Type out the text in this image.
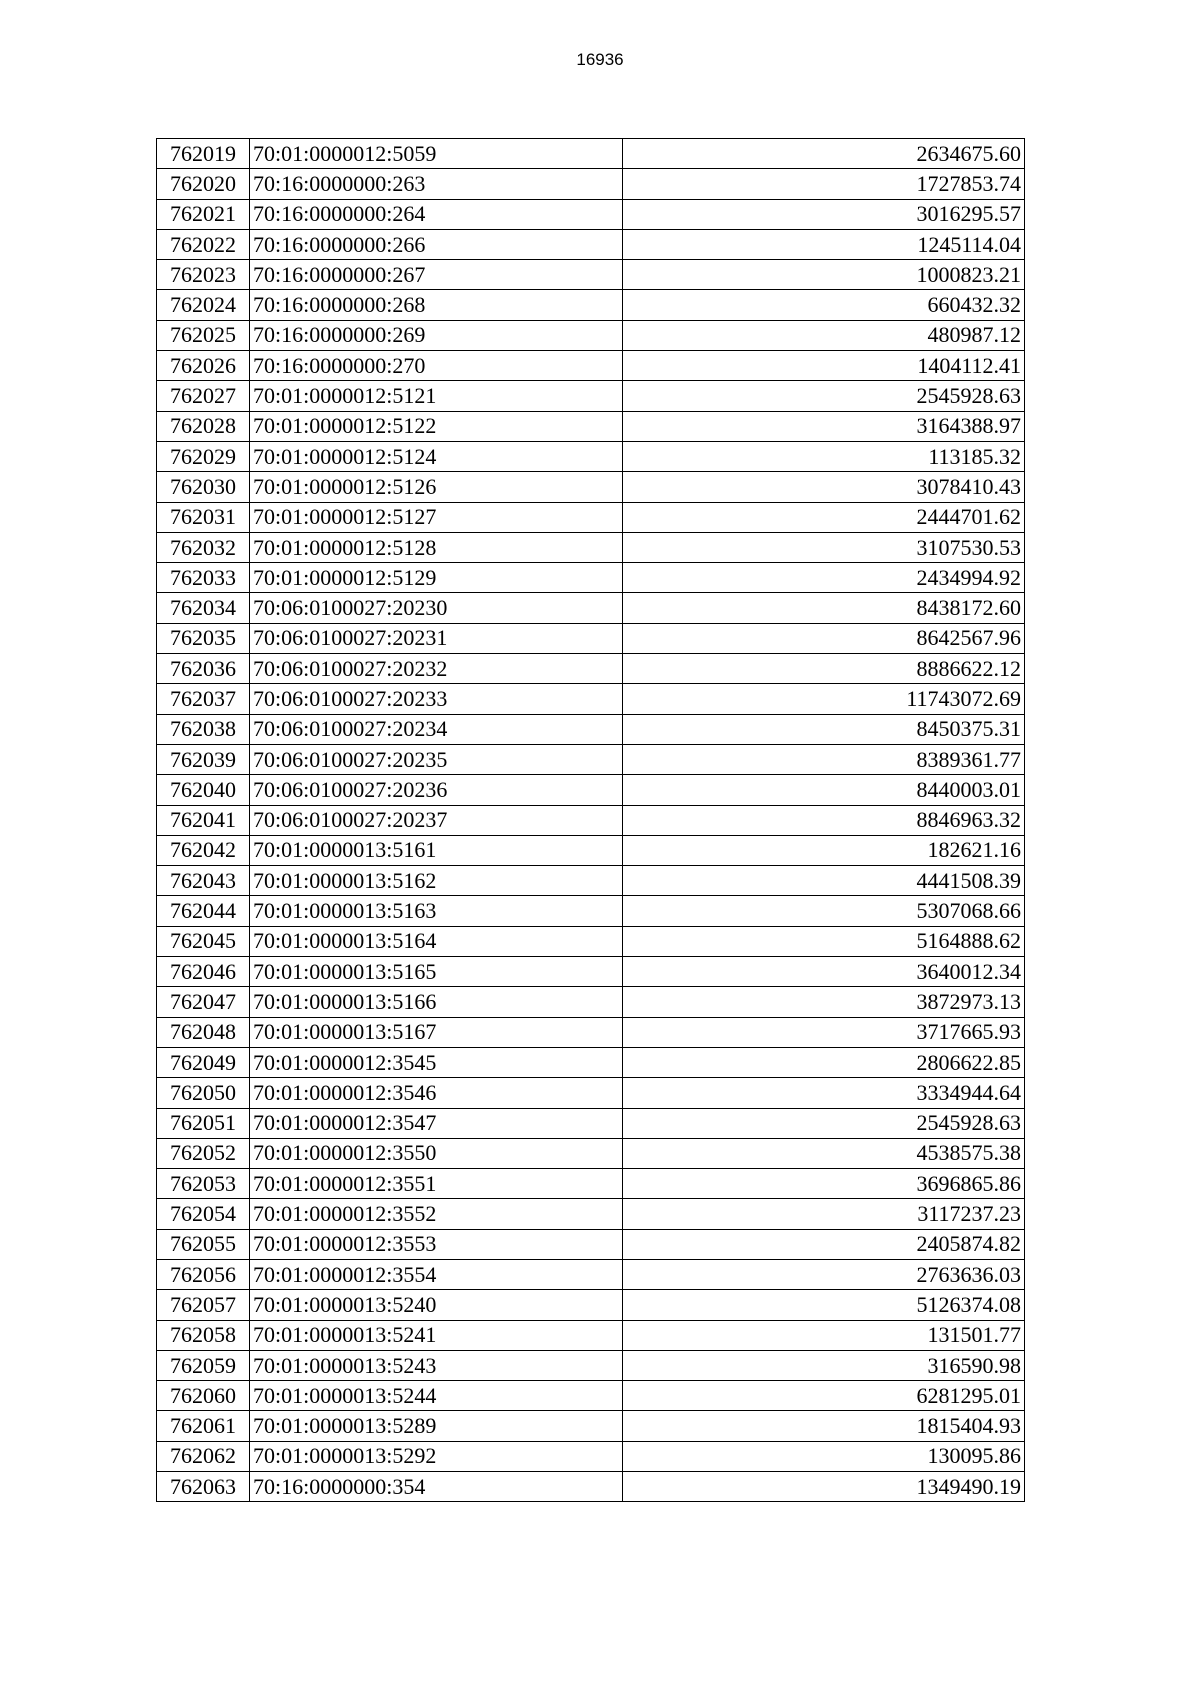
16936
762019	70:01:0000012:5059	2634675.60
762020	70:16:0000000:263	1727853.74
762021	70:16:0000000:264	3016295.57
762022	70:16:0000000:266	1245114.04
762023	70:16:0000000:267	1000823.21
762024	70:16:0000000:268	660432.32
762025	70:16:0000000:269	480987.12
762026	70:16:0000000:270	1404112.41
762027	70:01:0000012:5121	2545928.63
762028	70:01:0000012:5122	3164388.97
762029	70:01:0000012:5124	113185.32
762030	70:01:0000012:5126	3078410.43
762031	70:01:0000012:5127	2444701.62
762032	70:01:0000012:5128	3107530.53
762033	70:01:0000012:5129	2434994.92
762034	70:06:0100027:20230	8438172.60
762035	70:06:0100027:20231	8642567.96
762036	70:06:0100027:20232	8886622.12
762037	70:06:0100027:20233	11743072.69
762038	70:06:0100027:20234	8450375.31
762039	70:06:0100027:20235	8389361.77
762040	70:06:0100027:20236	8440003.01
762041	70:06:0100027:20237	8846963.32
762042	70:01:0000013:5161	182621.16
762043	70:01:0000013:5162	4441508.39
762044	70:01:0000013:5163	5307068.66
762045	70:01:0000013:5164	5164888.62
762046	70:01:0000013:5165	3640012.34
762047	70:01:0000013:5166	3872973.13
762048	70:01:0000013:5167	3717665.93
762049	70:01:0000012:3545	2806622.85
762050	70:01:0000012:3546	3334944.64
762051	70:01:0000012:3547	2545928.63
762052	70:01:0000012:3550	4538575.38
762053	70:01:0000012:3551	3696865.86
762054	70:01:0000012:3552	3117237.23
762055	70:01:0000012:3553	2405874.82
762056	70:01:0000012:3554	2763636.03
762057	70:01:0000013:5240	5126374.08
762058	70:01:0000013:5241	131501.77
762059	70:01:0000013:5243	316590.98
762060	70:01:0000013:5244	6281295.01
762061	70:01:0000013:5289	1815404.93
762062	70:01:0000013:5292	130095.86
762063	70:16:0000000:354	1349490.19
